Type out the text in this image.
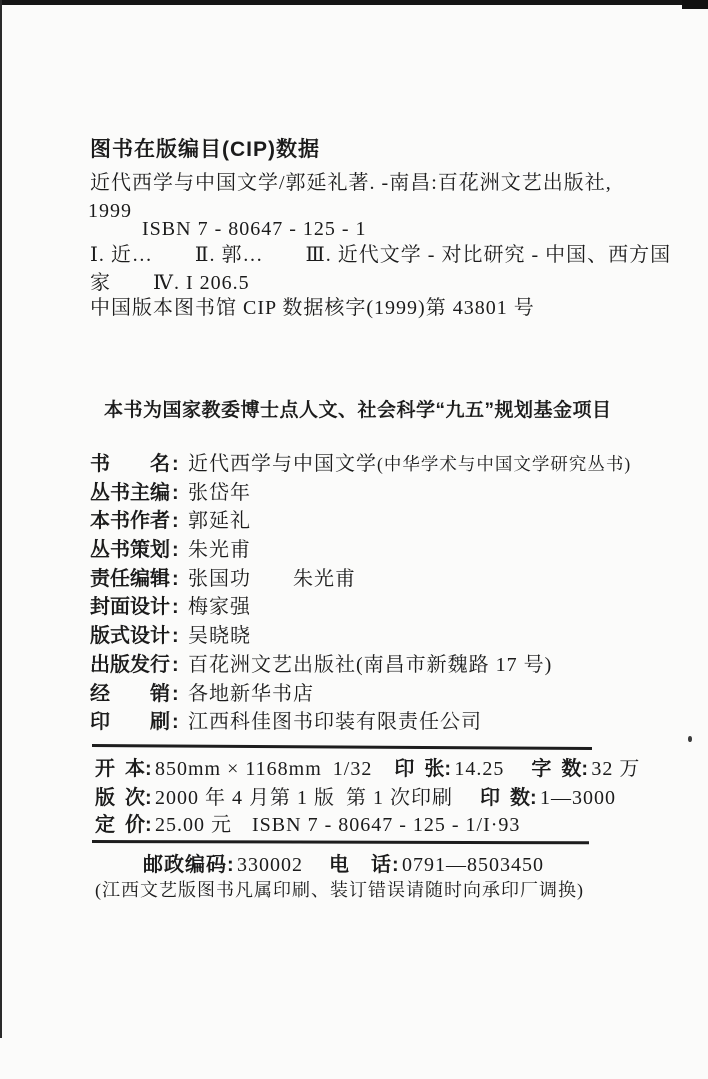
图书在版编目(CIP)数据
近代西学与中国文学/郭延礼著. -南昌:百花洲文艺出版社,
1999
ISBN 7 - 80647 - 125 - 1
Ⅰ. 近…　　Ⅱ. 郭…　　Ⅲ. 近代文学 - 对比研究 - 中国、西方国
家　　Ⅳ. I 206.5
中国版本图书馆 CIP 数据核字(1999)第 43801 号
本书为国家教委博士点人文、社会科学“九五”规划基金项目
书　　名 : 近代西学与中国文学(中华学术与中国文学研究丛书)
丛书主编 : 张岱年
本书作者 : 郭延礼
丛书策划 : 朱光甫
责任编辑 : 张国功　　朱光甫
封面设计 : 梅家强
版式设计 : 吴晓晓
出版发行 : 百花洲文艺出版社(南昌市新魏路 17 号)
经　　销 : 各地新华书店
印　　刷 : 江西科佳图书印装有限责任公司
开 本: 850mm × 1168mm 1/32 印 张: 14.25 字 数: 32 万
版 次: 2000 年 4 月第 1 版 第 1 次印刷 印 数: 1—3000
定 价: 25.00 元 ISBN 7 - 80647 - 125 - 1/I·93
邮政编码: 330002 电　话: 0791—8503450
(江西文艺版图书凡属印刷、装订错误请随时向承印厂调换)
